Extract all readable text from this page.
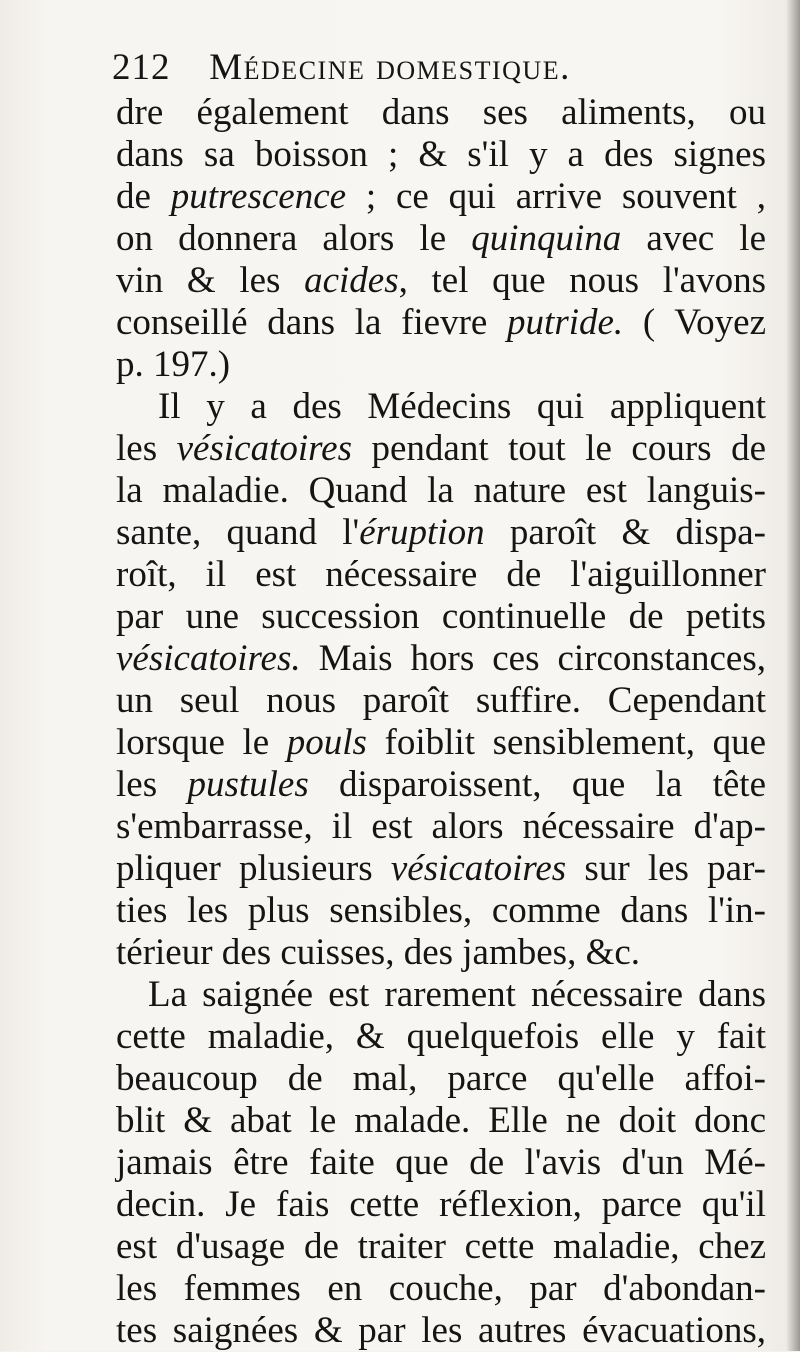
212 Médecine domestique.
dre également dans ses aliments, ou
dans sa boisson ; & s'il y a des signes
de putrescence ; ce qui arrive souvent ,
on donnera alors le quinquina avec le
vin & les acides, tel que nous l'avons
conseillé dans la fievre putride. ( Voyez
p. 197.)
Il y a des Médecins qui appliquent
les vésicatoires pendant tout le cours de
la maladie. Quand la nature est languis-
sante, quand l'éruption paroît & dispa-
roît, il est nécessaire de l'aiguillonner
par une succession continuelle de petits
vésicatoires. Mais hors ces circonstances,
un seul nous paroît suffire. Cependant
lorsque le pouls foiblit sensiblement, que
les pustules disparoissent, que la tête
s'embarrasse, il est alors nécessaire d'ap-
pliquer plusieurs vésicatoires sur les par-
ties les plus sensibles, comme dans l'in-
térieur des cuisses, des jambes, &c.
La saignée est rarement nécessaire dans
cette maladie, & quelquefois elle y fait
beaucoup de mal, parce qu'elle affoi-
blit & abat le malade. Elle ne doit donc
jamais être faite que de l'avis d'un Mé-
decin. Je fais cette réflexion, parce qu'il
est d'usage de traiter cette maladie, chez
les femmes en couche, par d'abondan-
tes saignées & par les autres évacuations,
